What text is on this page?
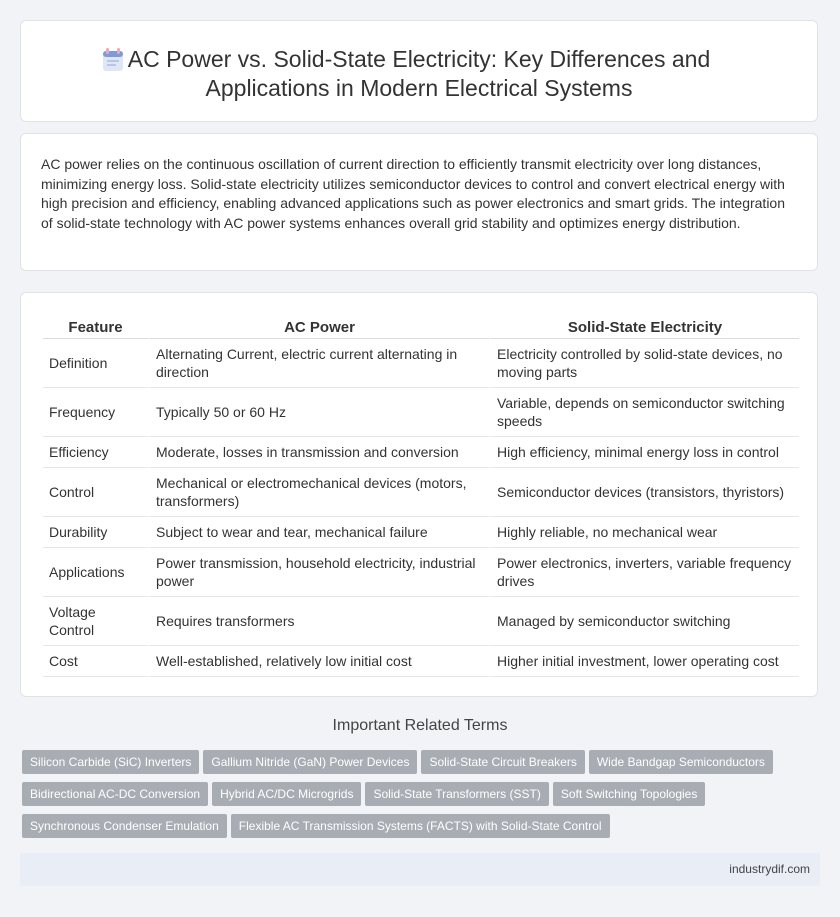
AC Power vs. Solid-State Electricity: Key Differences and Applications in Modern Electrical Systems

AC power relies on the continuous oscillation of current direction to efficiently transmit electricity over long distances, minimizing energy loss. Solid-state electricity utilizes semiconductor devices to control and convert electrical energy with high precision and efficiency, enabling advanced applications such as power electronics and smart grids. The integration of solid-state technology with AC power systems enhances overall grid stability and optimizes energy distribution.

Feature	AC Power	Solid-State Electricity
Definition	Alternating Current, electric current alternating in direction	Electricity controlled by solid-state devices, no moving parts
Frequency	Typically 50 or 60 Hz	Variable, depends on semiconductor switching speeds
Efficiency	Moderate, losses in transmission and conversion	High efficiency, minimal energy loss in control
Control	Mechanical or electromechanical devices (motors, transformers)	Semiconductor devices (transistors, thyristors)
Durability	Subject to wear and tear, mechanical failure	Highly reliable, no mechanical wear
Applications	Power transmission, household electricity, industrial power	Power electronics, inverters, variable frequency drives
Voltage Control	Requires transformers	Managed by semiconductor switching
Cost	Well-established, relatively low initial cost	Higher initial investment, lower operating cost
Important Related Terms
Silicon Carbide (SiC) Inverters Gallium Nitride (GaN) Power Devices Solid-State Circuit Breakers Wide Bandgap Semiconductors
Bidirectional AC-DC Conversion Hybrid AC/DC Microgrids Solid-State Transformers (SST) Soft Switching Topologies
Synchronous Condenser Emulation Flexible AC Transmission Systems (FACTS) with Solid-State Control
industrydif.com
